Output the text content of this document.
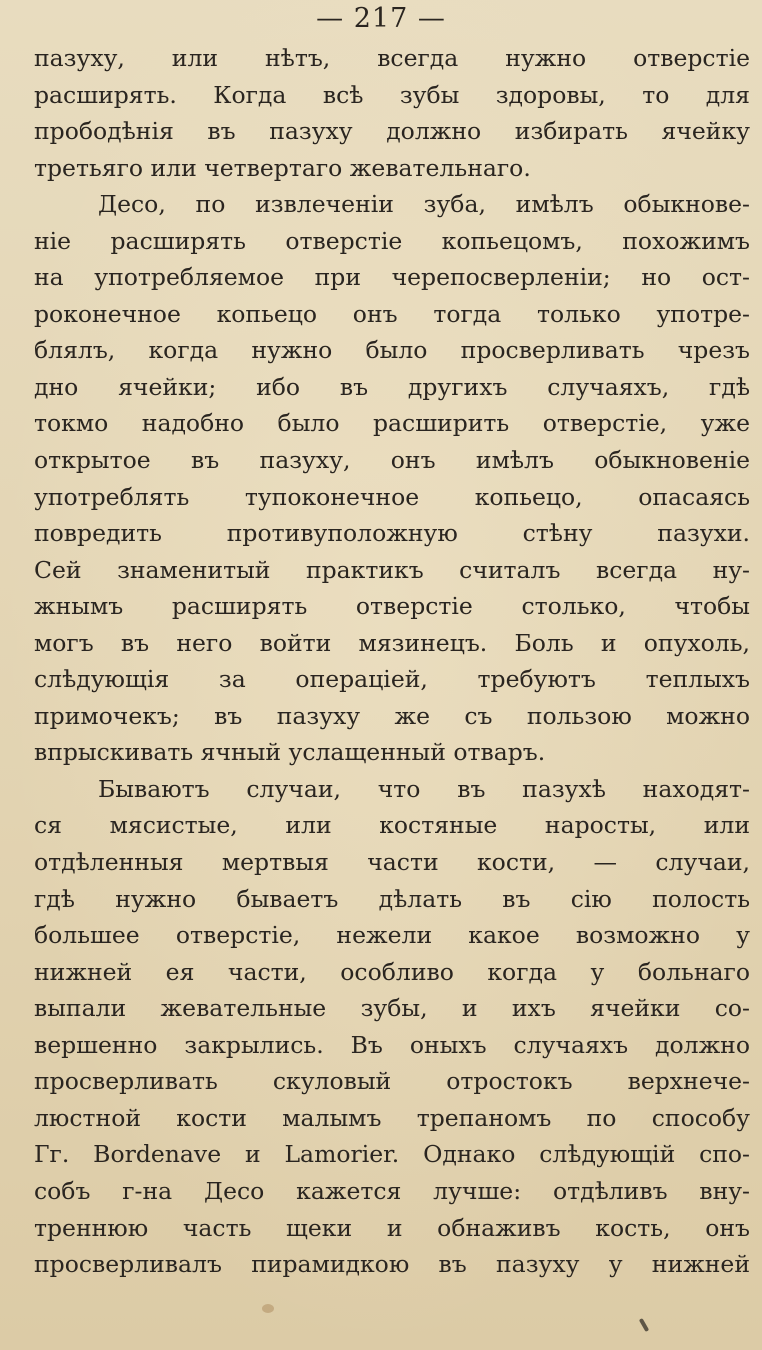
— 217 —
пазуху, или нѣтъ, всегда нужно отверстіе
расширять. Когда всѣ зубы здоровы, то для
прободѣнія въ пазуху должно избирать ячейку
третьяго или четвертаго жевательнаго.
Десо, по извлеченіи зуба, имѣлъ обыкнове-
ніе расширять отверстіе копьецомъ, похожимъ
на употребляемое при черепосверленіи; но ост-
роконечное копьецо онъ тогда только употре-
блялъ, когда нужно было просверливать чрезъ
дно ячейки; ибо въ другихъ случаяхъ, гдѣ
токмо надобно было расширить отверстіе, уже
открытое въ пазуху, онъ имѣлъ обыкновеніе
употреблять тупоконечное копьецо, опасаясь
повредить противуположную стѣну пазухи.
Сей знаменитый практикъ считалъ всегда ну-
жнымъ расширять отверстіе столько, чтобы
могъ въ него войти мязинецъ. Боль и опухоль,
слѣдующія за операціей, требуютъ теплыхъ
примочекъ; въ пазуху же съ пользою можно
впрыскивать ячный услащенный отваръ.
Бываютъ случаи, что въ пазухѣ находят-
ся мясистые, или костяные наросты, или
отдѣленныя мертвыя части кости, — случаи,
гдѣ нужно бываетъ дѣлать въ сію полость
большее отверстіе, нежели какое возможно у
нижней ея части, особливо когда у больнаго
выпали жевательные зубы, и ихъ ячейки со-
вершенно закрылись. Въ оныхъ случаяхъ должно
просверливать скуловый отростокъ верхнече-
люстной кости малымъ трепаномъ по способу
Гг. Bordenave и Lamorier. Однако слѣдующій спо-
собъ г-на Десо кажется лучше: отдѣливъ вну-
треннюю часть щеки и обнаживъ кость, онъ
просверливалъ пирамидкою въ пазуху у нижней
